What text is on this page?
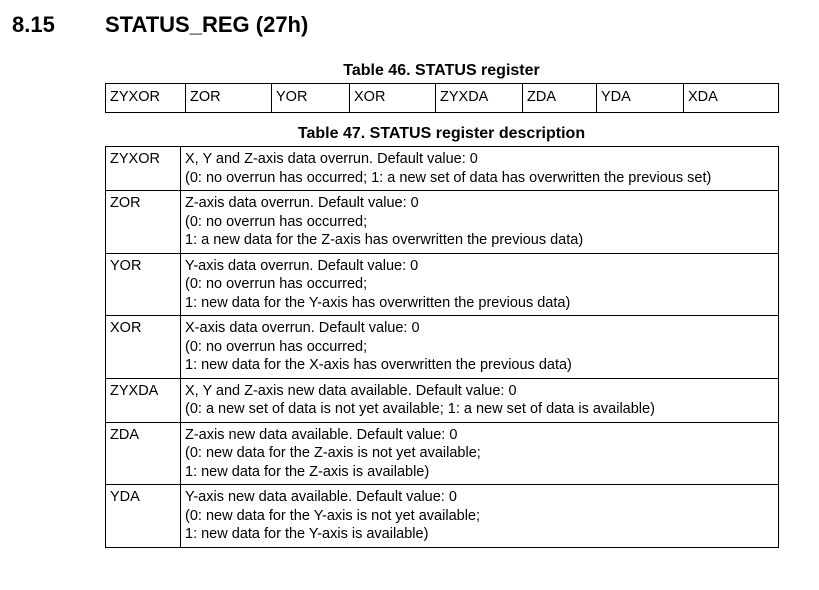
8.15 STATUS_REG (27h)
Table 46. STATUS register
ZYXOR	ZOR	YOR	XOR	ZYXDA	ZDA	YDA	XDA
Table 47. STATUS register description
ZYXOR	X, Y and Z-axis data overrun. Default value: 0
(0: no overrun has occurred; 1: a new set of data has overwritten the previous set)

ZOR	Z-axis data overrun. Default value: 0
(0: no overrun has occurred;
1: a new data for the Z-axis has overwritten the previous data)

YOR	Y-axis data overrun. Default value: 0
(0: no overrun has occurred;
1: new data for the Y-axis has overwritten the previous data)

XOR	X-axis data overrun. Default value: 0
(0: no overrun has occurred;
1: new data for the X-axis has overwritten the previous data)

ZYXDA	X, Y and Z-axis new data available. Default value: 0
(0: a new set of data is not yet available; 1: a new set of data is available)

ZDA	Z-axis new data available. Default value: 0
(0: new data for the Z-axis is not yet available;
1: new data for the Z-axis is available)

YDA	Y-axis new data available. Default value: 0
(0: new data for the Y-axis is not yet available;
1: new data for the Y-axis is available)
